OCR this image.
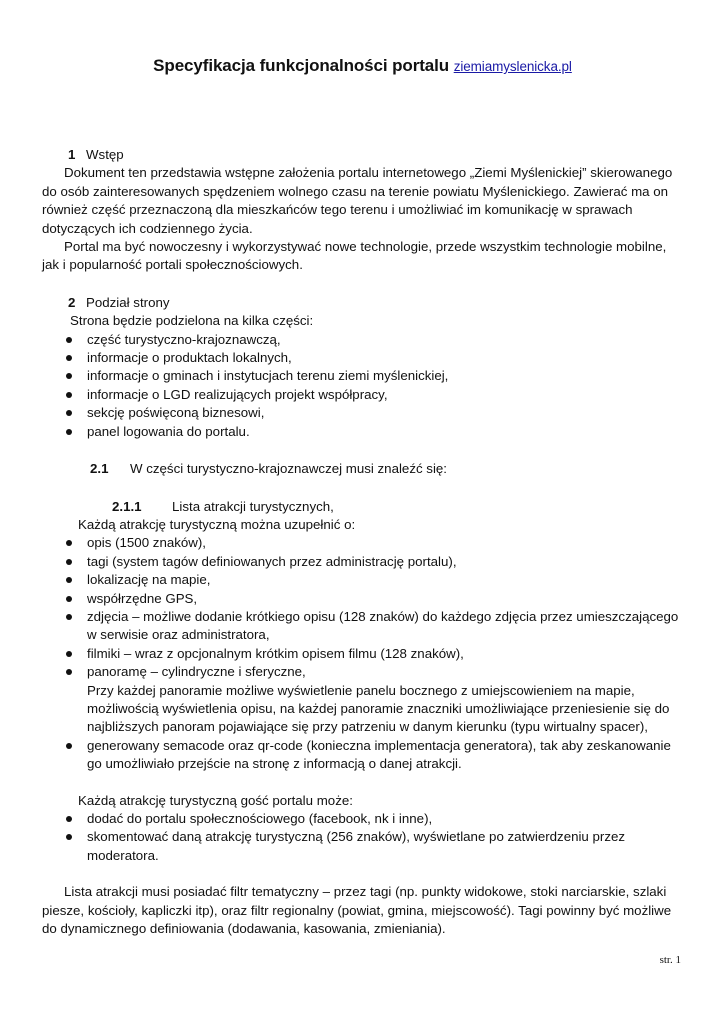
Specyfikacja funkcjonalności portalu ziemiamyslenicka.pl

1 Wstęp

Dokument ten przedstawia wstępne założenia portalu internetowego „Ziemi Myślenickiej” skierowanego do osób zainteresowanych spędzeniem wolnego czasu na terenie powiatu Myślenickiego. Zawierać ma on również część przeznaczoną dla mieszkańców tego terenu i umożliwiać im komunikację w sprawach dotyczących ich codziennego życia.

Portal ma być nowoczesny i wykorzystywać nowe technologie, przede wszystkim technologie mobilne, jak i popularność portali społecznościowych.

2 Podział strony

Strona będzie podzielona na kilka części:

część turystyczno-krajoznawczą,
informacje o produktach lokalnych,
informacje o gminach i instytucjach terenu ziemi myślenickiej,
informacje o LGD realizujących projekt współpracy,
sekcję poświęconą biznesowi,
panel logowania do portalu.

2.1 W części turystyczno-krajoznawczej musi znaleźć się:

2.1.1 Lista atrakcji turystycznych,

Każdą atrakcję turystyczną można uzupełnić o:

opis (1500 znaków),
tagi (system tagów definiowanych przez administrację portalu),
lokalizację na mapie,
współrzędne GPS,
zdjęcia – możliwe dodanie krótkiego opisu (128 znaków) do każdego zdjęcia przez umieszczającego w serwisie oraz administratora,
filmiki – wraz z opcjonalnym krótkim opisem filmu (128 znaków),
panoramę – cylindryczne i sferyczne,
Przy każdej panoramie możliwe wyświetlenie panelu bocznego z umiejscowieniem na mapie, możliwością wyświetlenia opisu, na każdej panoramie znaczniki umożliwiające przeniesienie się do najbliższych panoram pojawiające się przy patrzeniu w danym kierunku (typu wirtualny spacer),
generowany semacode oraz qr-code (konieczna implementacja generatora), tak aby zeskanowanie go umożliwiało przejście na stronę z informacją o danej atrakcji.

Każdą atrakcję turystyczną gość portalu może:

dodać do portalu społecznościowego (facebook, nk i inne),
skomentować daną atrakcję turystyczną (256 znaków), wyświetlane po zatwierdzeniu przez moderatora.

Lista atrakcji musi posiadać filtr tematyczny – przez tagi (np. punkty widokowe, stoki narciarskie, szlaki piesze, kościoły, kapliczki itp), oraz filtr regionalny (powiat, gmina, miejscowość). Tagi powinny być możliwe do dynamicznego definiowania (dodawania, kasowania, zmieniania).

str. 1
